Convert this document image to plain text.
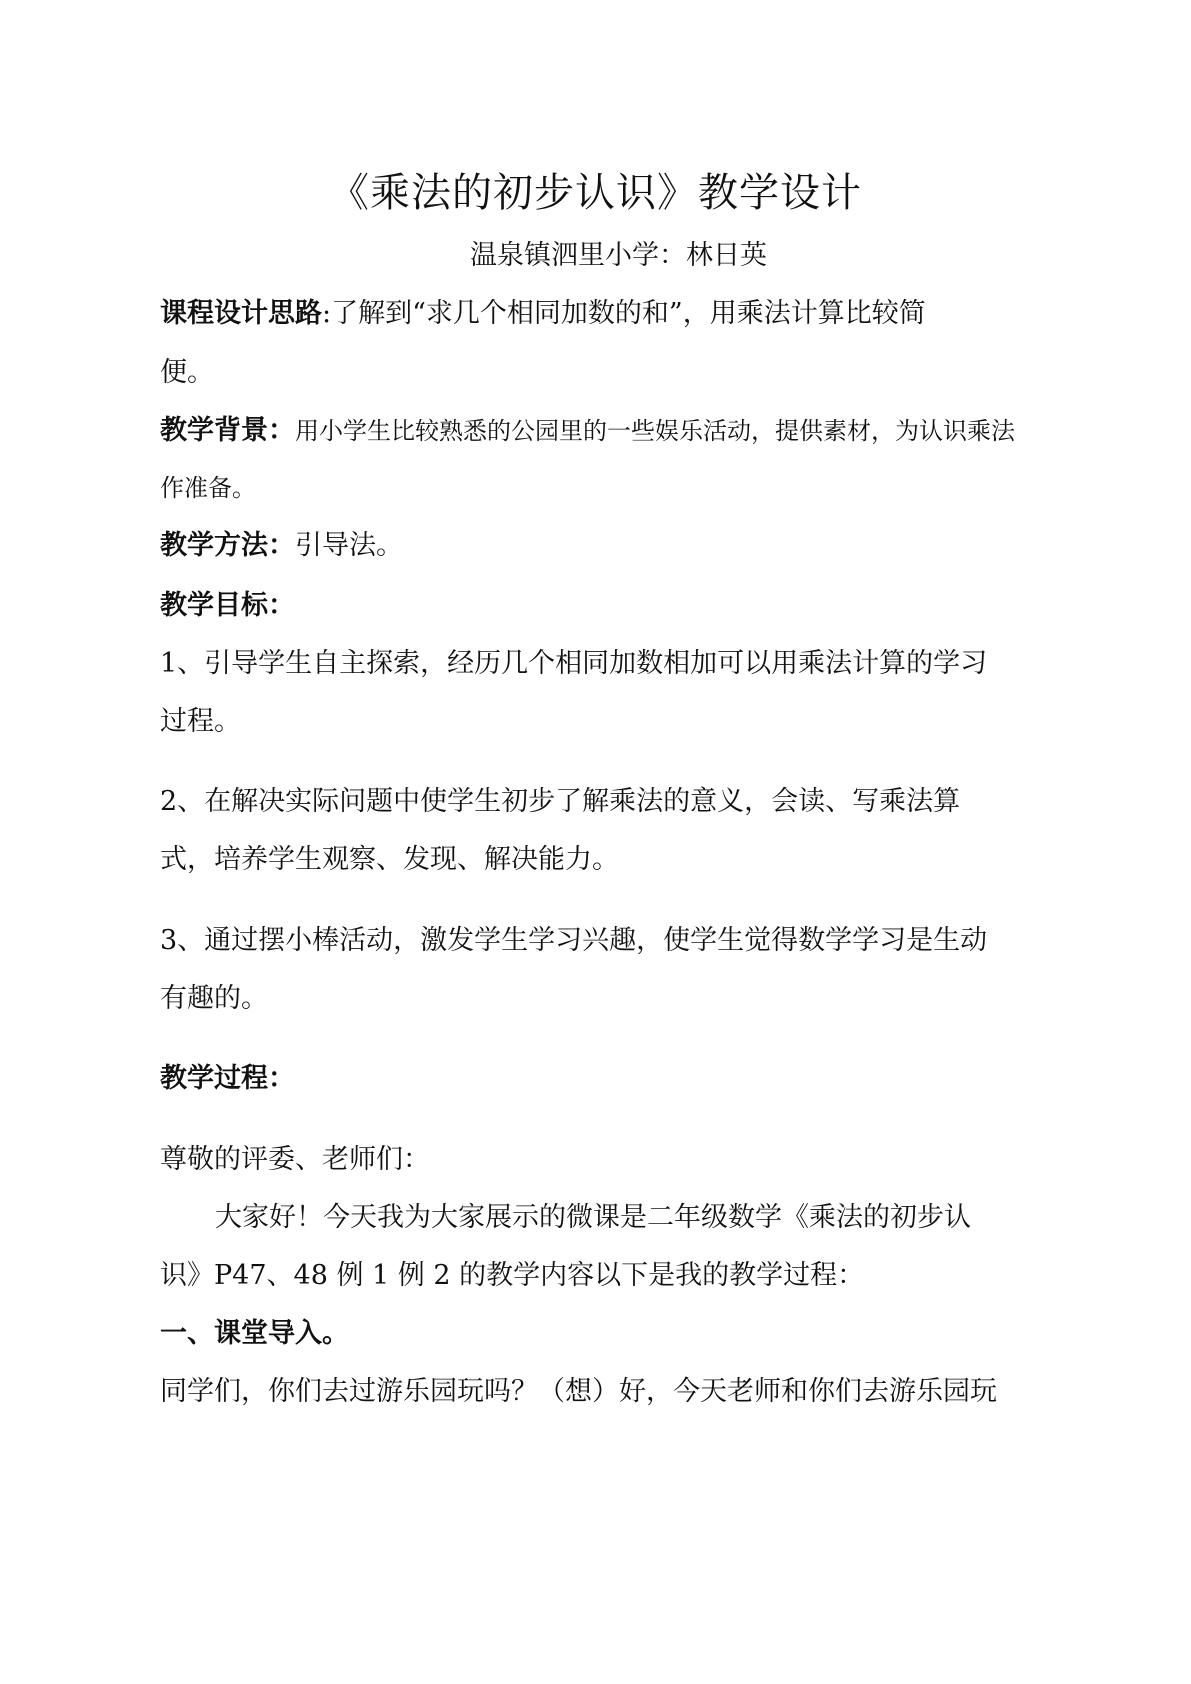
《乘法的初步认识》教学设计
温泉镇泗里小学：林日英
课程设计思路:了解到“求几个相同加数的和”，用乘法计算比较简
便。
教学背景：用小学生比较熟悉的公园里的一些娱乐活动，提供素材，为认识乘法
作准备。
教学方法：引导法。
教学目标：
1、引导学生自主探索，经历几个相同加数相加可以用乘法计算的学习
过程。
2、在解决实际问题中使学生初步了解乘法的意义，会读、写乘法算
式，培养学生观察、发现、解决能力。
3、通过摆小棒活动，激发学生学习兴趣，使学生觉得数学学习是生动
有趣的。
教学过程：
尊敬的评委、老师们：
大家好！今天我为大家展示的微课是二年级数学《乘法的初步认
识》P47、48 例 1 例 2 的教学内容以下是我的教学过程：
一、课堂导入。
同学们，你们去过游乐园玩吗？（想）好，今天老师和你们去游乐园玩
